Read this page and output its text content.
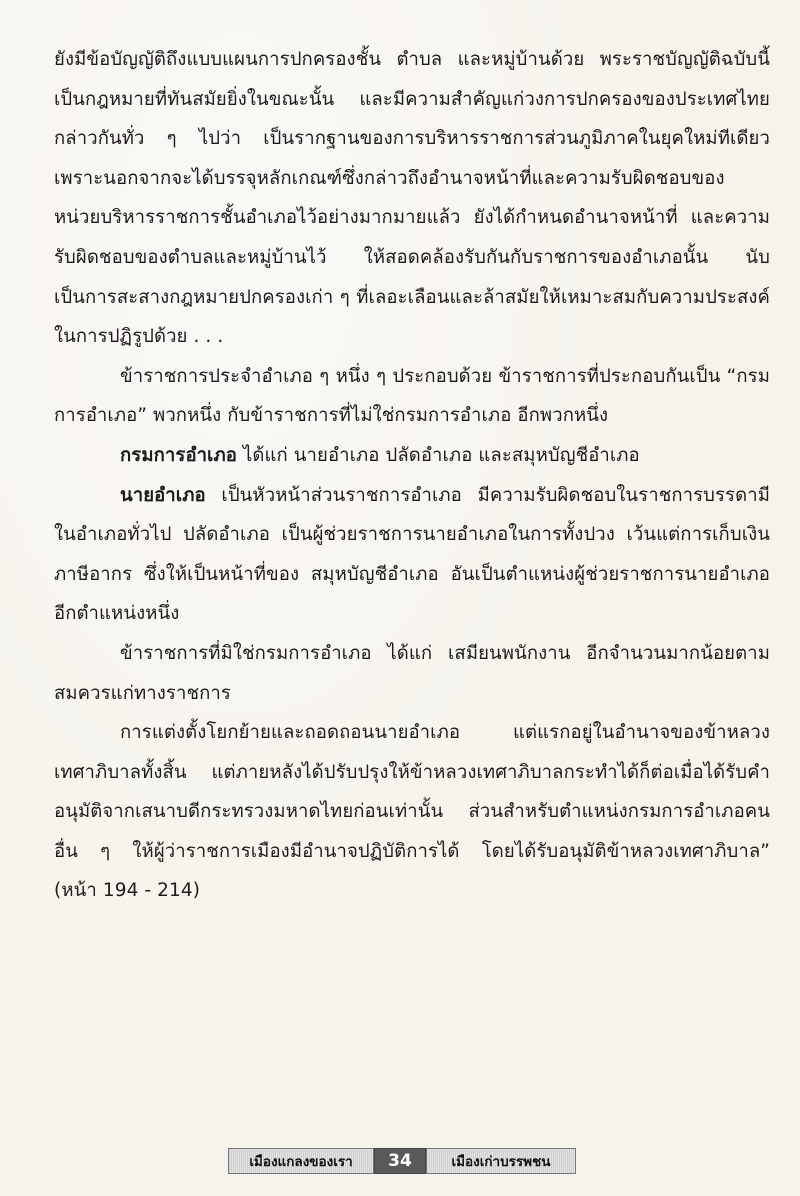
ยังมีข้อบัญญัติถึงแบบแผนการปกครองชั้น ตำบล และหมู่บ้านด้วย พระราชบัญญัติฉบับนี้เป็นกฎหมายที่ทันสมัยยิ่งในขณะนั้น และมีความสำคัญแก่วงการปกครองของประเทศไทย กล่าวกันทั่ว ๆ ไปว่า เป็นรากฐานของการบริหารราชการส่วนภูมิภาคในยุคใหม่ทีเดียว เพราะนอกจากจะได้บรรจุหลักเกณฑ์ซึ่งกล่าวถึงอำนาจหน้าที่และความรับผิดชอบของหน่วยบริหารราชการชั้นอำเภอไว้อย่างมากมายแล้ว ยังได้กำหนดอำนาจหน้าที่ และความรับผิดชอบของตำบลและหมู่บ้านไว้ ให้สอดคล้องรับกันกับราชการของอำเภอนั้น นับเป็นการสะสางกฎหมายปกครองเก่า ๆ ที่เลอะเลือนและล้าสมัยให้เหมาะสมกับความประสงค์ในการปฏิรูปด้วย . . .

ข้าราชการประจำอำเภอ ๆ หนึ่ง ๆ ประกอบด้วย ข้าราชการที่ประกอบกันเป็น “กรมการอำเภอ” พวกหนึ่ง กับข้าราชการที่ไม่ใช่กรมการอำเภอ อีกพวกหนึ่ง

กรมการอำเภอ ได้แก่ นายอำเภอ ปลัดอำเภอ และสมุหบัญชีอำเภอ

นายอำเภอ เป็นหัวหน้าส่วนราชการอำเภอ มีความรับผิดชอบในราชการบรรดามีในอำเภอทั่วไป ปลัดอำเภอ เป็นผู้ช่วยราชการนายอำเภอในการทั้งปวง เว้นแต่การเก็บเงินภาษีอากร ซึ่งให้เป็นหน้าที่ของ สมุหบัญชีอำเภอ อันเป็นตำแหน่งผู้ช่วยราชการนายอำเภออีกตำแหน่งหนึ่ง

ข้าราชการที่มิใช่กรมการอำเภอ ได้แก่ เสมียนพนักงาน อีกจำนวนมากน้อยตามสมควรแก่ทางราชการ

การแต่งตั้งโยกย้ายและถอดถอนนายอำเภอ แต่แรกอยู่ในอำนาจของข้าหลวงเทศาภิบาลทั้งสิ้น แต่ภายหลังได้ปรับปรุงให้ข้าหลวงเทศาภิบาลกระทำได้ก็ต่อเมื่อได้รับคำอนุมัติจากเสนาบดีกระทรวงมหาดไทยก่อนเท่านั้น ส่วนสำหรับตำแหน่งกรมการอำเภอคนอื่น ๆ ให้ผู้ว่าราชการเมืองมีอำนาจปฏิบัติการได้ โดยได้รับอนุมัติข้าหลวงเทศาภิบาล” (หน้า 194 - 214)

เมืองแกลงของเรา	34	เมืองเก่าบรรพชน
